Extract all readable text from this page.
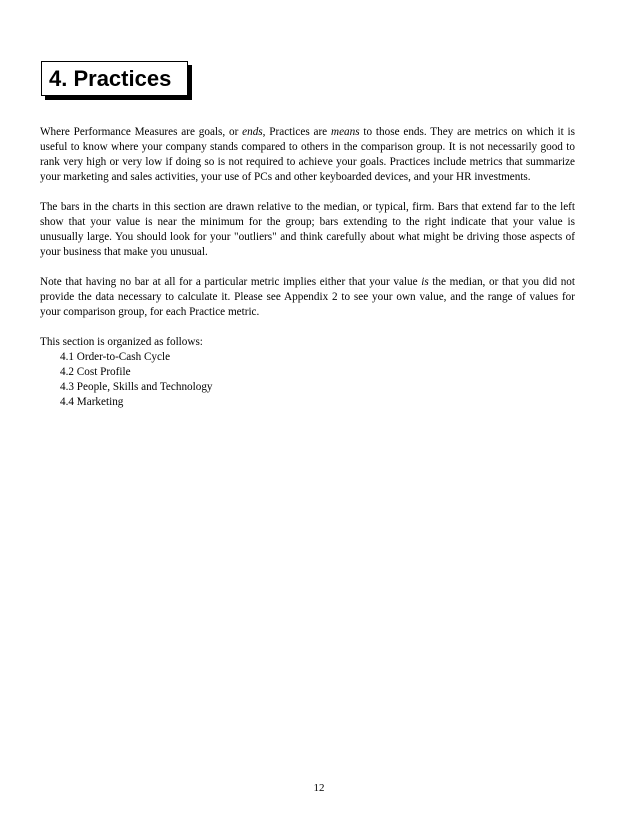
4. Practices

Where Performance Measures are goals, or ends, Practices are means to those ends. They are metrics on which it is useful to know where your company stands compared to others in the comparison group. It is not necessarily good to rank very high or very low if doing so is not required to achieve your goals. Practices include metrics that summarize your marketing and sales activities, your use of PCs and other keyboarded devices, and your HR investments.

The bars in the charts in this section are drawn relative to the median, or typical, firm. Bars that extend far to the left show that your value is near the minimum for the group; bars extending to the right indicate that your value is unusually large. You should look for your "outliers" and think carefully about what might be driving those aspects of your business that make you unusual.

Note that having no bar at all for a particular metric implies either that your value is the median, or that you did not provide the data necessary to calculate it. Please see Appendix 2 to see your own value, and the range of values for your comparison group, for each Practice metric.

This section is organized as follows:

4.1 Order-to-Cash Cycle
4.2 Cost Profile
4.3 People, Skills and Technology
4.4 Marketing
12
